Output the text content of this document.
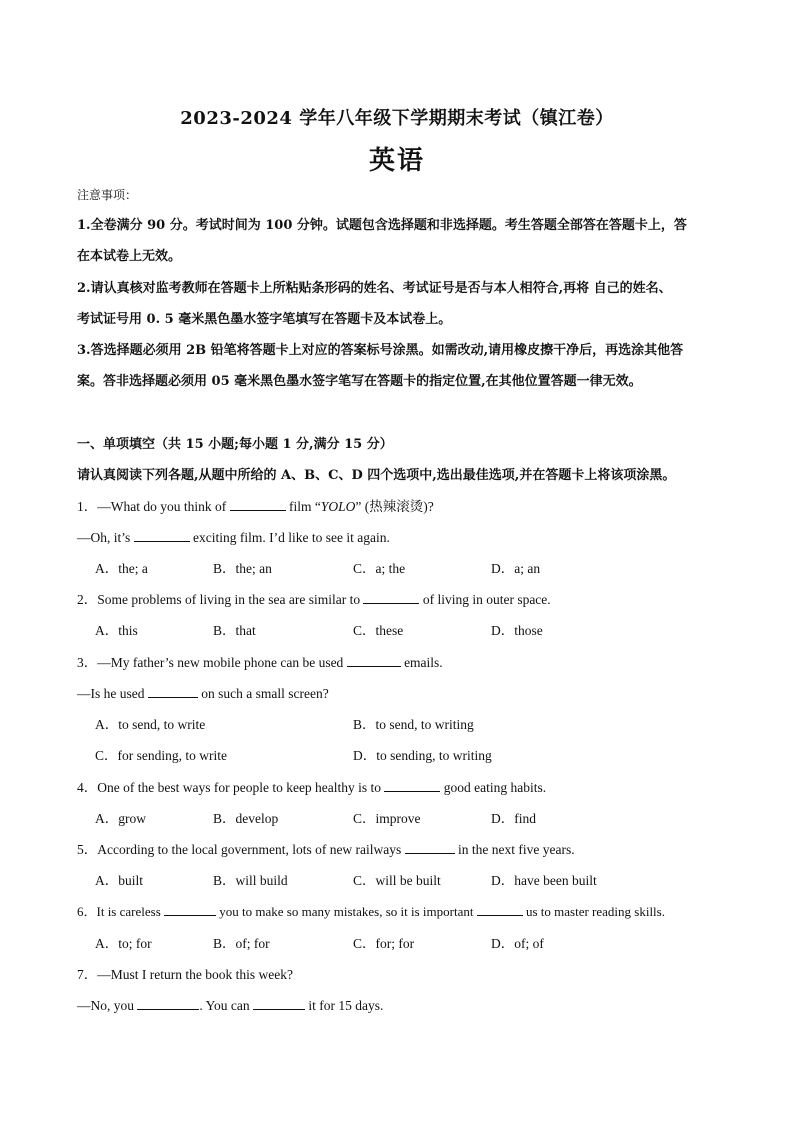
2023-2024 学年八年级下学期期末考试（镇江卷）
英语
注意事项：
1.全卷满分 90 分。考试时间为 100 分钟。试题包含选择题和非选择题。考生答题全部答在答题卡上，答
在本试卷上无效。
2.请认真核对监考教师在答题卡上所粘贴条形码的姓名、考试证号是否与本人相符合,再将 自己的姓名、
考试证号用 0. 5 毫米黑色墨水签字笔填写在答题卡及本试卷上。
3.答选择题必须用 2B 铅笔将答题卡上对应的答案标号涂黑。如需改动,请用橡皮擦干净后，再选涂其他答
案。答非选择题必须用 05 毫米黑色墨水签字笔写在答题卡的指定位置,在其他位置答题一律无效。
一、单项填空（共 15 小题;每小题 1 分,满分 15 分）
请认真阅读下列各题,从题中所给的 A、B、C、D 四个选项中,选出最佳选项,并在答题卡上将该项涂黑。
1．—What do you think of	film “YOLO” (热辣滚烫)?
—Oh, it’s	exciting film. I’d like to see it again.
A．the; a	B．the; an	C．a; the	D．a; an
2．Some problems of living in the sea are similar to	of living in outer space.
A．this	B．that	C．these	D．those
3．—My father’s new mobile phone can be used	emails.
—Is he used	on such a small screen?
A．to send, to write	B．to send, to writing
C．for sending, to write	D．to sending, to writing
4．One of the best ways for people to keep healthy is to	good eating habits.
A．grow	B．develop	C．improve	D．find
5．According to the local government, lots of new railways	in the next five years.
A．built	B．will build	C．will be built	D．have been built
6．It is careless	you to make so many mistakes, so it is important	us to master reading skills.
A．to; for	B．of; for	C．for; for	D．of; of
7．—Must I return the book this week?
—No, you	. You can	it for 15 days.
